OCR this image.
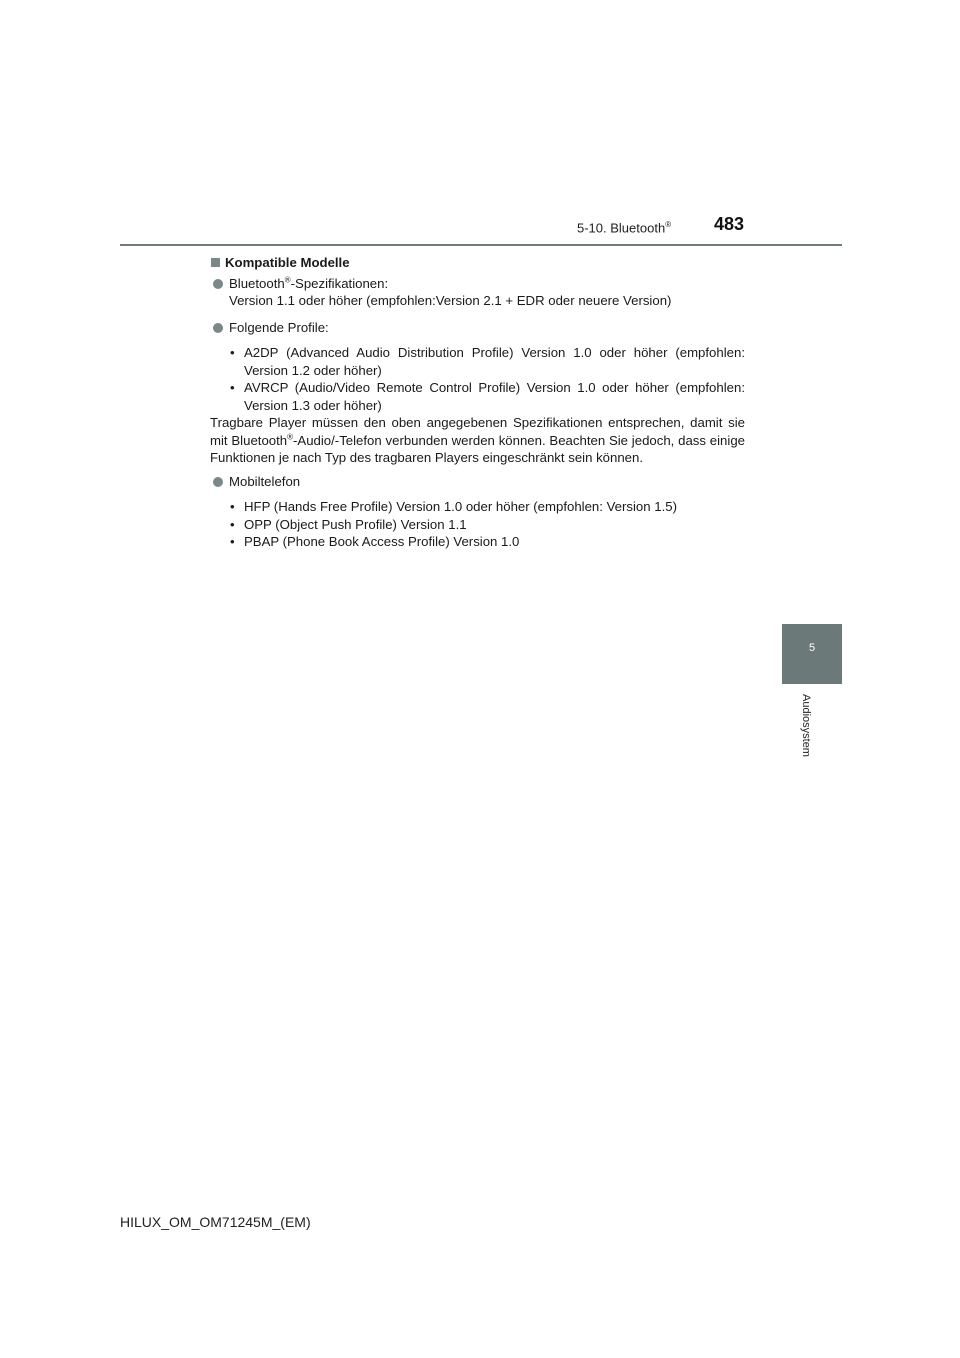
5-10. Bluetooth® 483
5
Audiosystem
Kompatible Modelle
Bluetooth®-Spezifikationen:
Version 1.1 oder höher (empfohlen:Version 2.1 + EDR oder neuere Version)
Folgende Profile:
• A2DP (Advanced Audio Distribution Profile) Version 1.0 oder höher (empfohlen: Version 1.2 oder höher)
• AVRCP (Audio/Video Remote Control Profile) Version 1.0 oder höher (empfohlen: Version 1.3 oder höher)

Tragbare Player müssen den oben angegebenen Spezifikationen entsprechen, damit sie mit Bluetooth®-Audio/-Telefon verbunden werden können. Beachten Sie jedoch, dass einige Funktionen je nach Typ des tragbaren Players eingeschränkt sein können.

Mobiltelefon
• HFP (Hands Free Profile) Version 1.0 oder höher (empfohlen: Version 1.5)
• OPP (Object Push Profile) Version 1.1
• PBAP (Phone Book Access Profile) Version 1.0
HILUX_OM_OM71245M_(EM)
